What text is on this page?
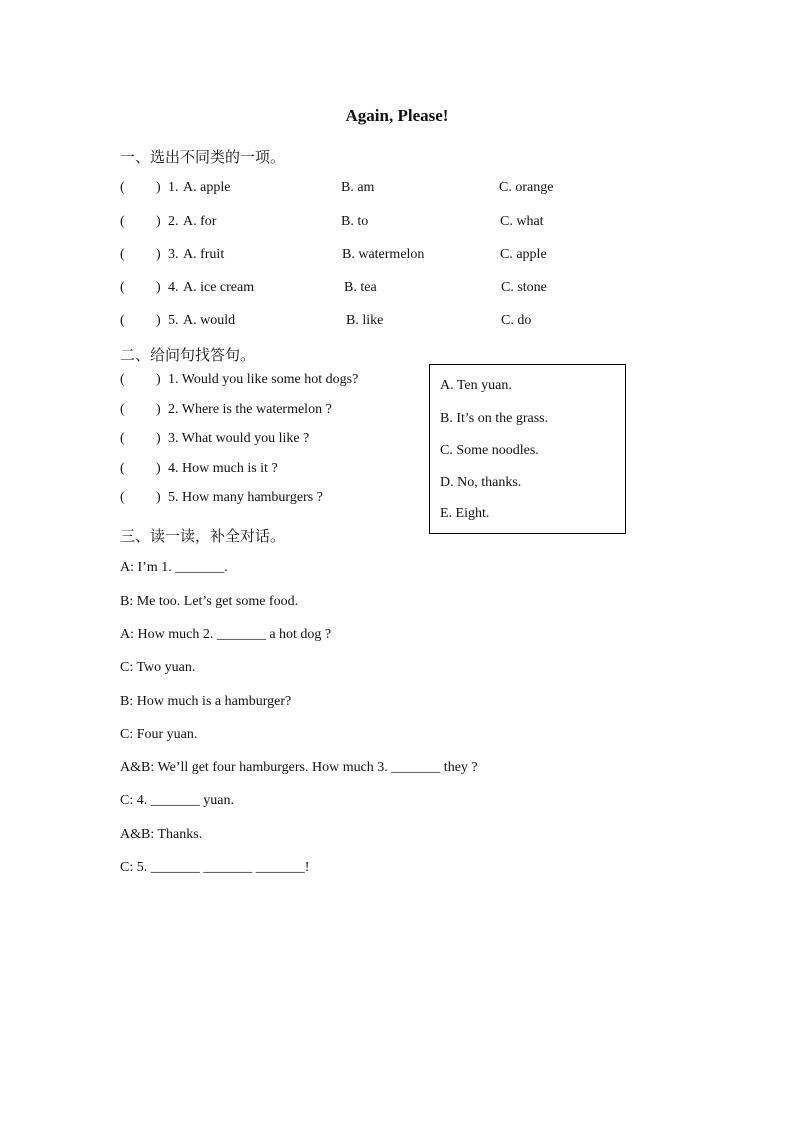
Again, Please!
一、选出不同类的一项。
( ) 1. A. apple	B. am	C. orange
( ) 2. A. for	B. to	C. what
( ) 3. A. fruit	B. watermelon	C. apple
( ) 4. A. ice cream	B. tea	C. stone
( ) 5. A. would	B. like	C. do
二、给问句找答句。
( ) 1. Would you like some hot dogs?
( ) 2. Where is the watermelon ?
( ) 3. What would you like ?
( ) 4. How much is it ?
( ) 5. How many hamburgers ?
A. Ten yuan.
B. It’s on the grass.
C. Some noodles.
D. No, thanks.
E. Eight.
三、读一读，补全对话。
A: I’m 1. _______.
B: Me too. Let’s get some food.
A: How much 2. _______ a hot dog ?
C: Two yuan.
B: How much is a hamburger?
C: Four yuan.
A&B: We’ll get four hamburgers. How much 3. _______ they ?
C: 4. _______ yuan.
A&B: Thanks.
C: 5. _______ _______ _______!
